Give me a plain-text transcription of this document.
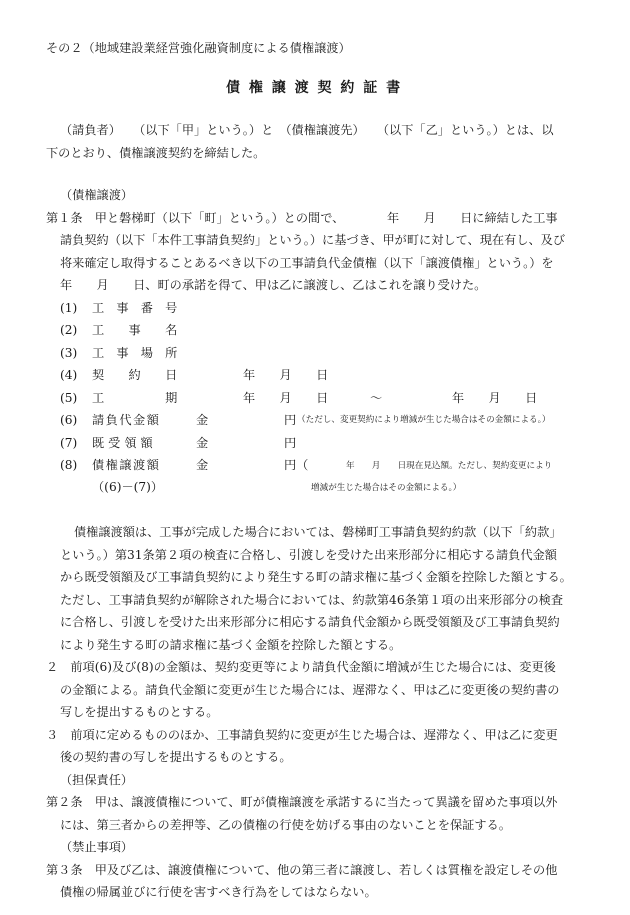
その２（地域建設業経営強化融資制度による債権譲渡）
債 権 譲 渡 契 約 証 書
（請負者）　　（以下「甲」という。）と　（債権譲渡先）　　（以下「乙」という。）とは、以
下のとおり、債権譲渡契約を締結した。
（債権譲渡）
第１条　甲と磐梯町（以下「町」という。）との間で、　　　　年　　月　　日に締結した工事
請負契約（以下「本件工事請負契約」という。）に基づき、甲が町に対して、現在有し、及び
将来確定し取得することあるべき以下の工事請負代金債権（以下「譲渡債権」という。）を
年　　月　　日、町の承諾を得て、甲は乙に譲渡し、乙はこれを譲り受けた。
(1) 工　事　番　号
(2) 工　　事　　名
(3) 工　事　場　所
(4) 契　　約　　日	年　　月　　日
(5) 工　　　　　期	年　　月　　日	～	年　　月　　日
(6) 請負代金額	金	円 （ただし、変更契約により増減が生じた場合はその金額による。）
(7) 既受領額	金	円
(8) 債権譲渡額	金	円（	年　　月　　日現在見込額。ただし、契約変更により
（(6)－(7)）	増減が生じた場合はその金額による。）
債権譲渡額は、工事が完成した場合においては、磐梯町工事請負契約約款（以下「約款」
という。）第31条第２項の検査に合格し、引渡しを受けた出来形部分に相応する請負代金額
から既受領額及び工事請負契約により発生する町の請求権に基づく金額を控除した額とする。
ただし、工事請負契約が解除された場合においては、約款第46条第１項の出来形部分の検査
に合格し、引渡しを受けた出来形部分に相応する請負代金額から既受領額及び工事請負契約
により発生する町の請求権に基づく金額を控除した額とする。
２　前項(6)及び(8)の金額は、契約変更等により請負代金額に増減が生じた場合には、変更後
の金額による。請負代金額に変更が生じた場合には、遅滞なく、甲は乙に変更後の契約書の
写しを提出するものとする。
３　前項に定めるもののほか、工事請負契約に変更が生じた場合は、遅滞なく、甲は乙に変更
後の契約書の写しを提出するものとする。
（担保責任）
第２条　甲は、譲渡債権について、町が債権譲渡を承諾するに当たって異議を留めた事項以外
には、第三者からの差押等、乙の債権の行使を妨げる事由のないことを保証する。
（禁止事項）
第３条　甲及び乙は、譲渡債権について、他の第三者に譲渡し、若しくは質権を設定しその他
債権の帰属並びに行使を害すべき行為をしてはならない。
